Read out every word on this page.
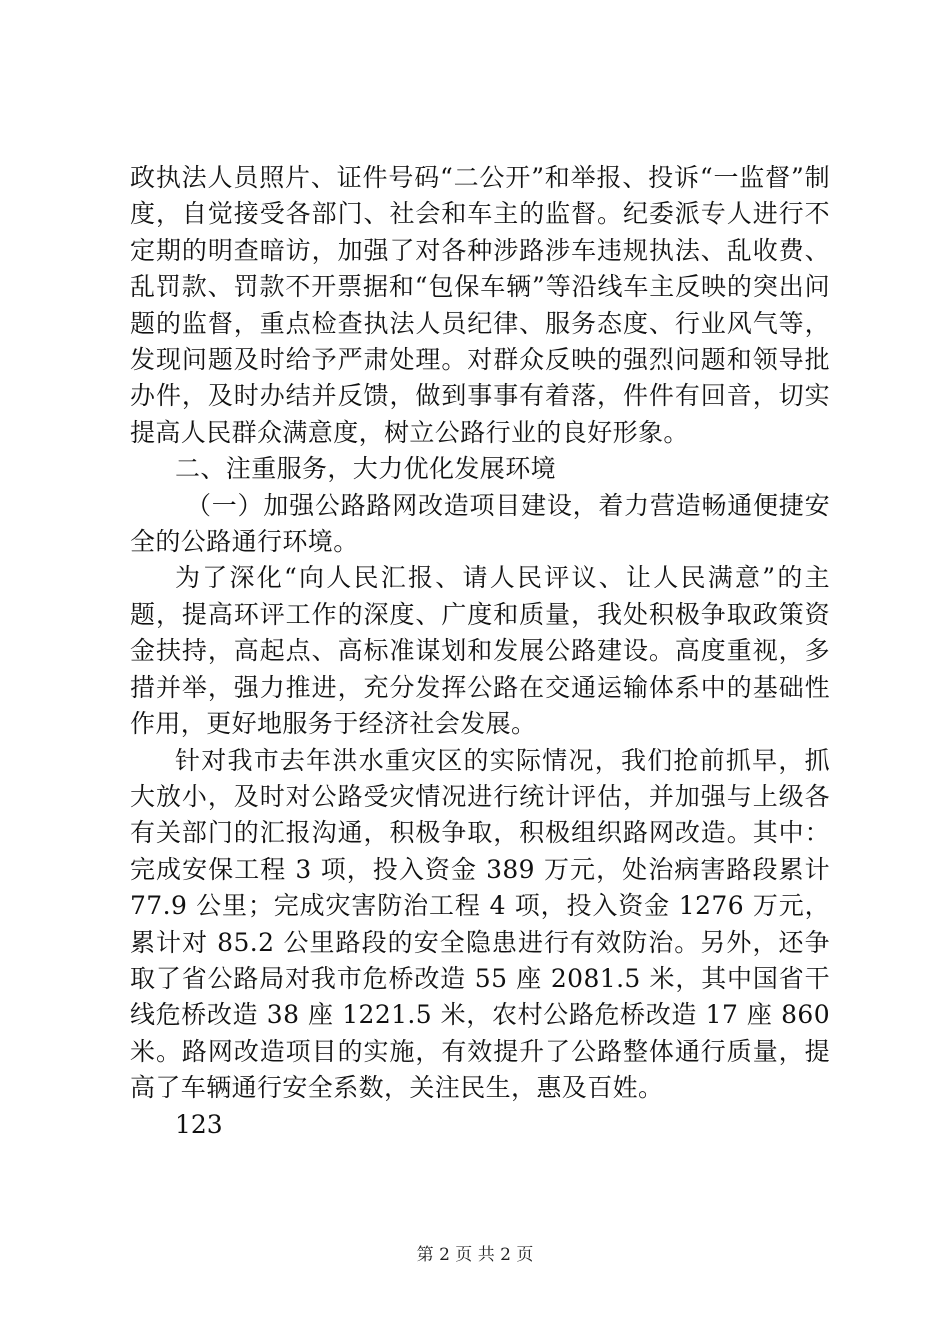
政执法人员照片、证件号码“二公开”和举报、投诉“一监督”制度，自觉接受各部门、社会和车主的监督。纪委派专人进行不定期的明查暗访，加强了对各种涉路涉车违规执法、乱收费、乱罚款、罚款不开票据和“包保车辆”等沿线车主反映的突出问题的监督，重点检查执法人员纪律、服务态度、行业风气等，发现问题及时给予严肃处理。对群众反映的强烈问题和领导批办件，及时办结并反馈，做到事事有着落，件件有回音，切实提高人民群众满意度，树立公路行业的良好形象。

二、注重服务，大力优化发展环境

（一）加强公路路网改造项目建设，着力营造畅通便捷安全的公路通行环境。

为了深化“向人民汇报、请人民评议、让人民满意”的主题，提高环评工作的深度、广度和质量，我处积极争取政策资金扶持，高起点、高标准谋划和发展公路建设。高度重视，多措并举，强力推进，充分发挥公路在交通运输体系中的基础性作用，更好地服务于经济社会发展。

针对我市去年洪水重灾区的实际情况，我们抢前抓早，抓大放小，及时对公路受灾情况进行统计评估，并加强与上级各有关部门的汇报沟通，积极争取，积极组织路网改造。其中：完成安保工程 3 项，投入资金 389 万元，处治病害路段累计 77.9 公里；完成灾害防治工程 4 项，投入资金 1276 万元，累计对 85.2 公里路段的安全隐患进行有效防治。另外，还争取了省公路局对我市危桥改造 55 座 2081.5 米，其中国省干线危桥改造 38 座 1221.5 米，农村公路危桥改造 17 座 860 米。路网改造项目的实施，有效提升了公路整体通行质量，提高了车辆通行安全系数，关注民生，惠及百姓。

123

第 2 页 共 2 页
